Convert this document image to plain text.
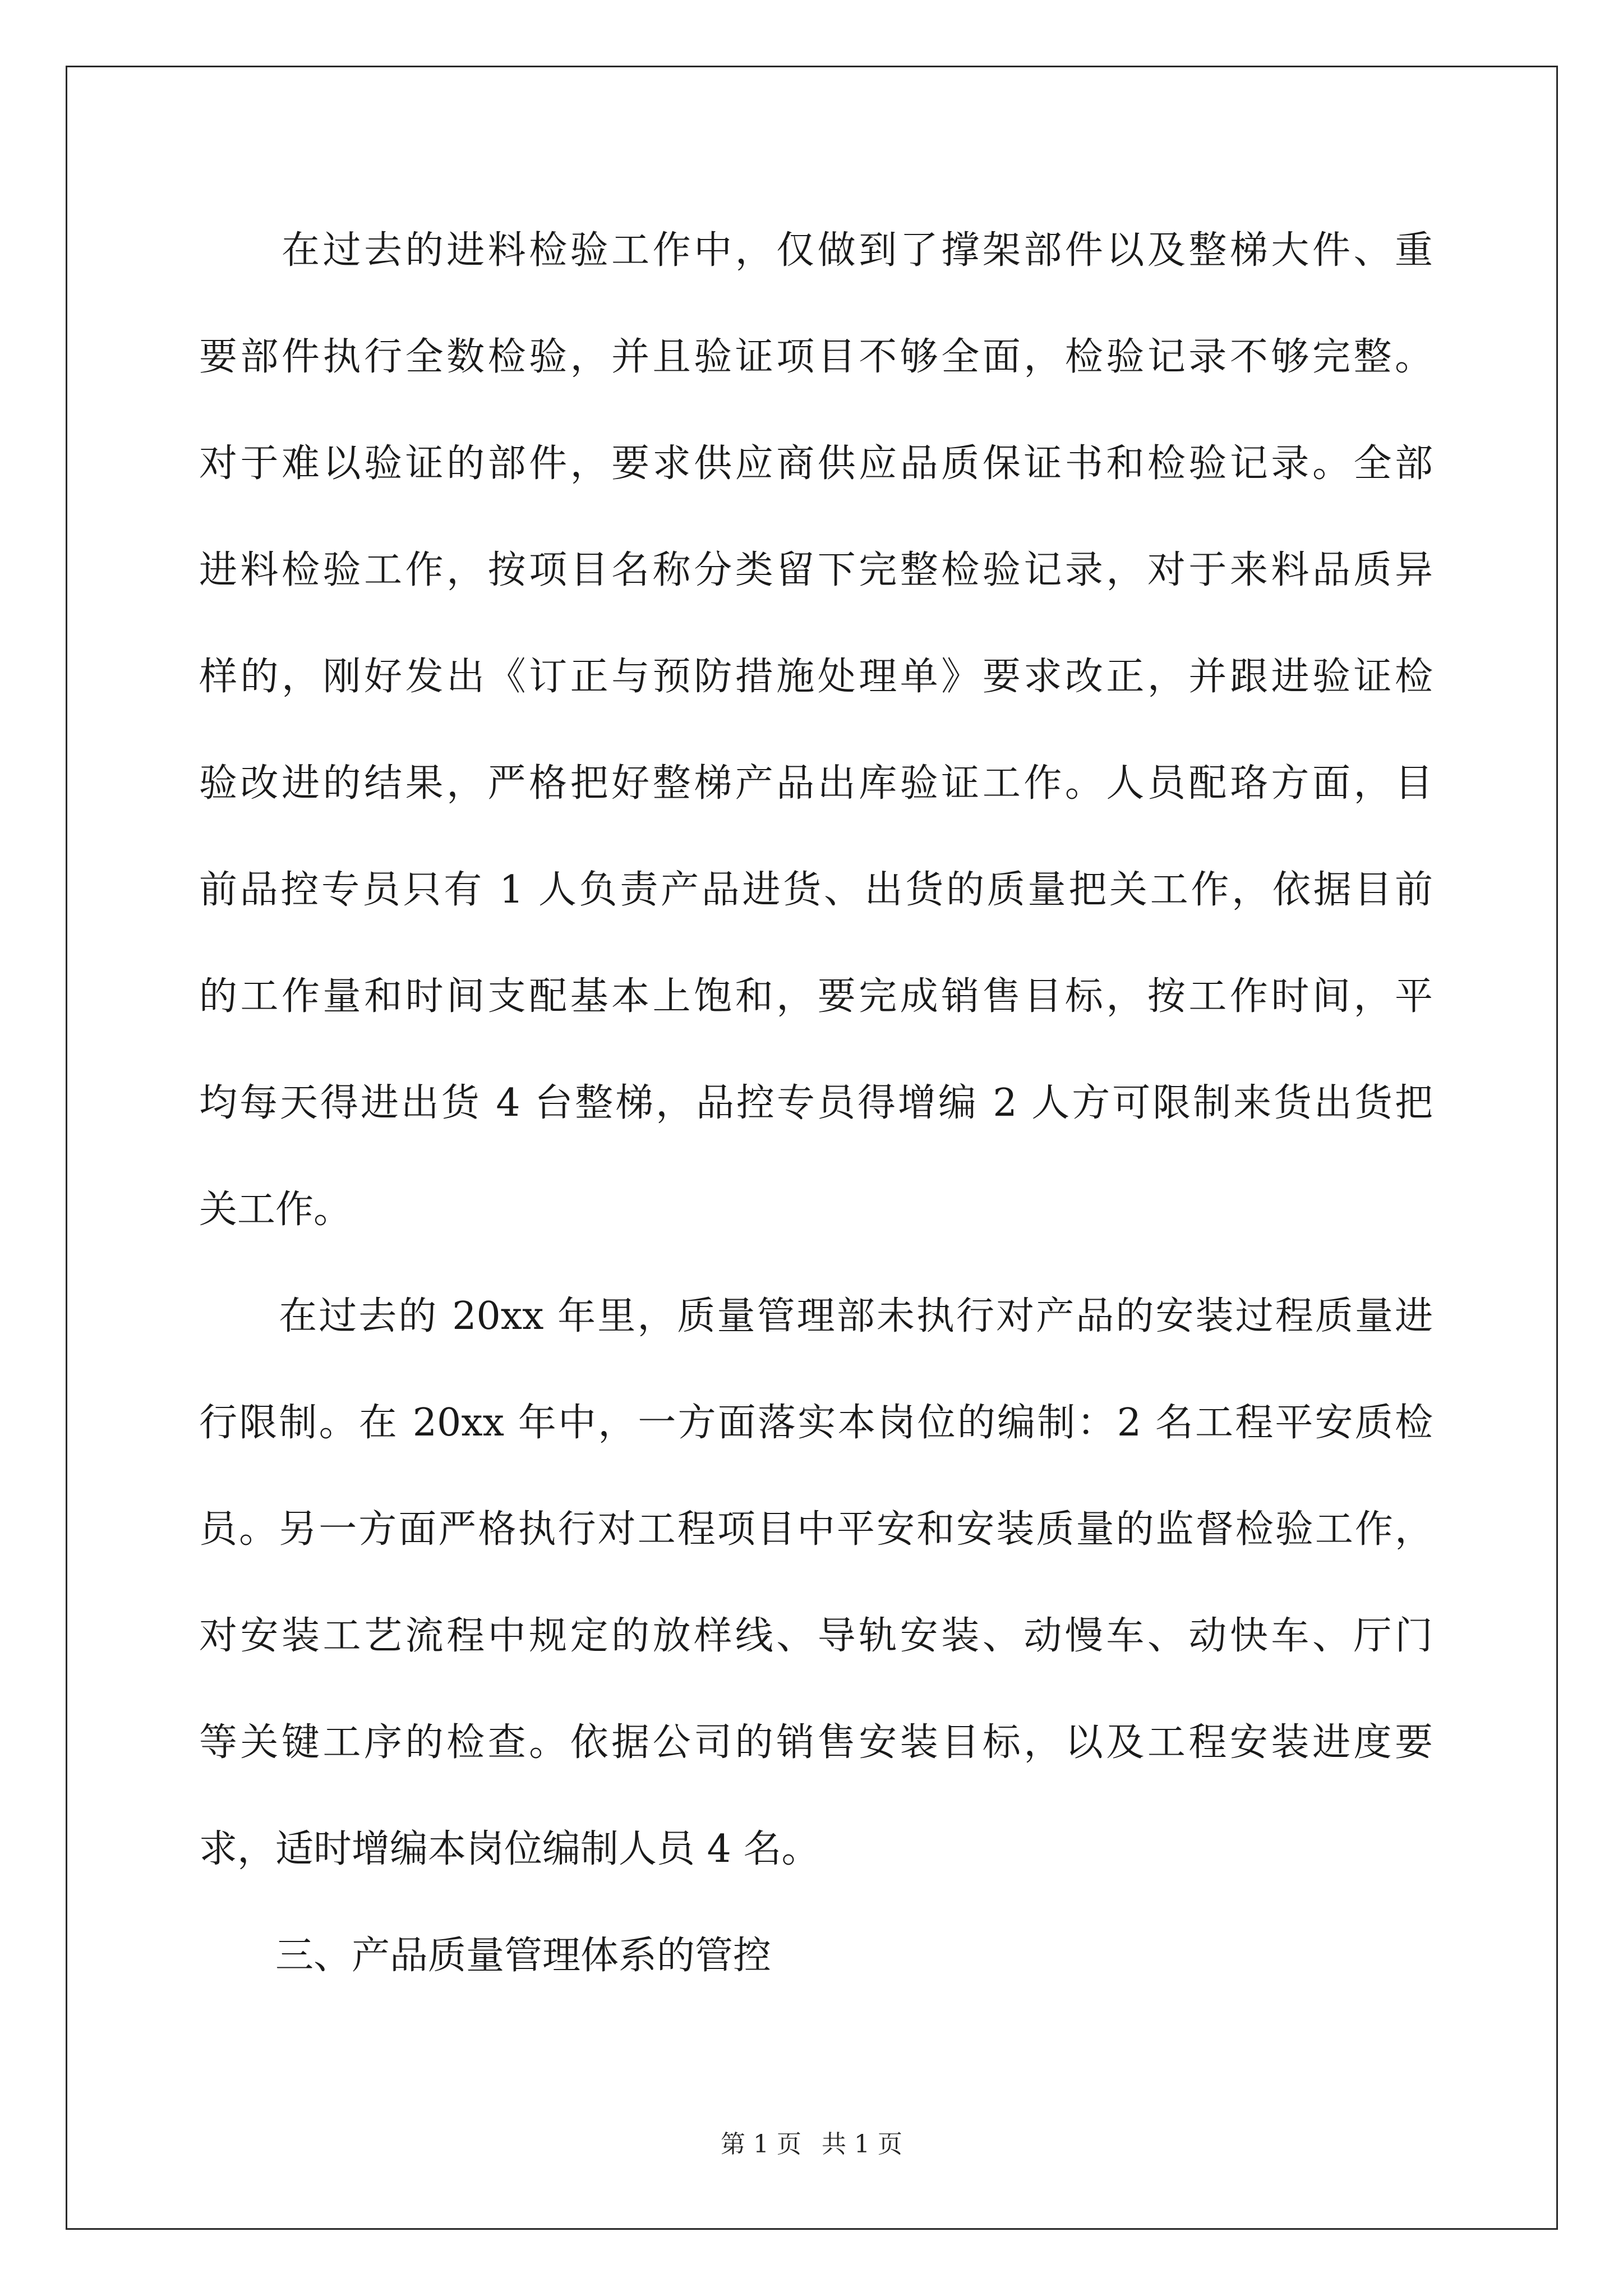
　　在过去的进料检验工作中，仅做到了撑架部件以及整梯大件、重
要部件执行全数检验，并且验证项目不够全面，检验记录不够完整。
对于难以验证的部件，要求供应商供应品质保证书和检验记录。全部
进料检验工作，按项目名称分类留下完整检验记录，对于来料品质异
样的，刚好发出《订正与预防措施处理单》要求改正，并跟进验证检
验改进的结果，严格把好整梯产品出库验证工作。人员配珞方面，目
前品控专员只有 1 人负责产品进货、出货的质量把关工作，依据目前
的工作量和时间支配基本上饱和，要完成销售目标，按工作时间，平
均每天得进出货 4 台整梯，品控专员得增编 2 人方可限制来货出货把
关工作。
　　在过去的 20xx 年里，质量管理部未执行对产品的安装过程质量进
行限制。在 20xx 年中，一方面落实本岗位的编制：2 名工程平安质检
员。另一方面严格执行对工程项目中平安和安装质量的监督检验工作，
对安装工艺流程中规定的放样线、导轨安装、动慢车、动快车、厅门
等关键工序的检查。依据公司的销售安装目标，以及工程安装进度要
求，适时增编本岗位编制人员 4 名。
　　三、产品质量管理体系的管控
第 1 页 共 1 页
